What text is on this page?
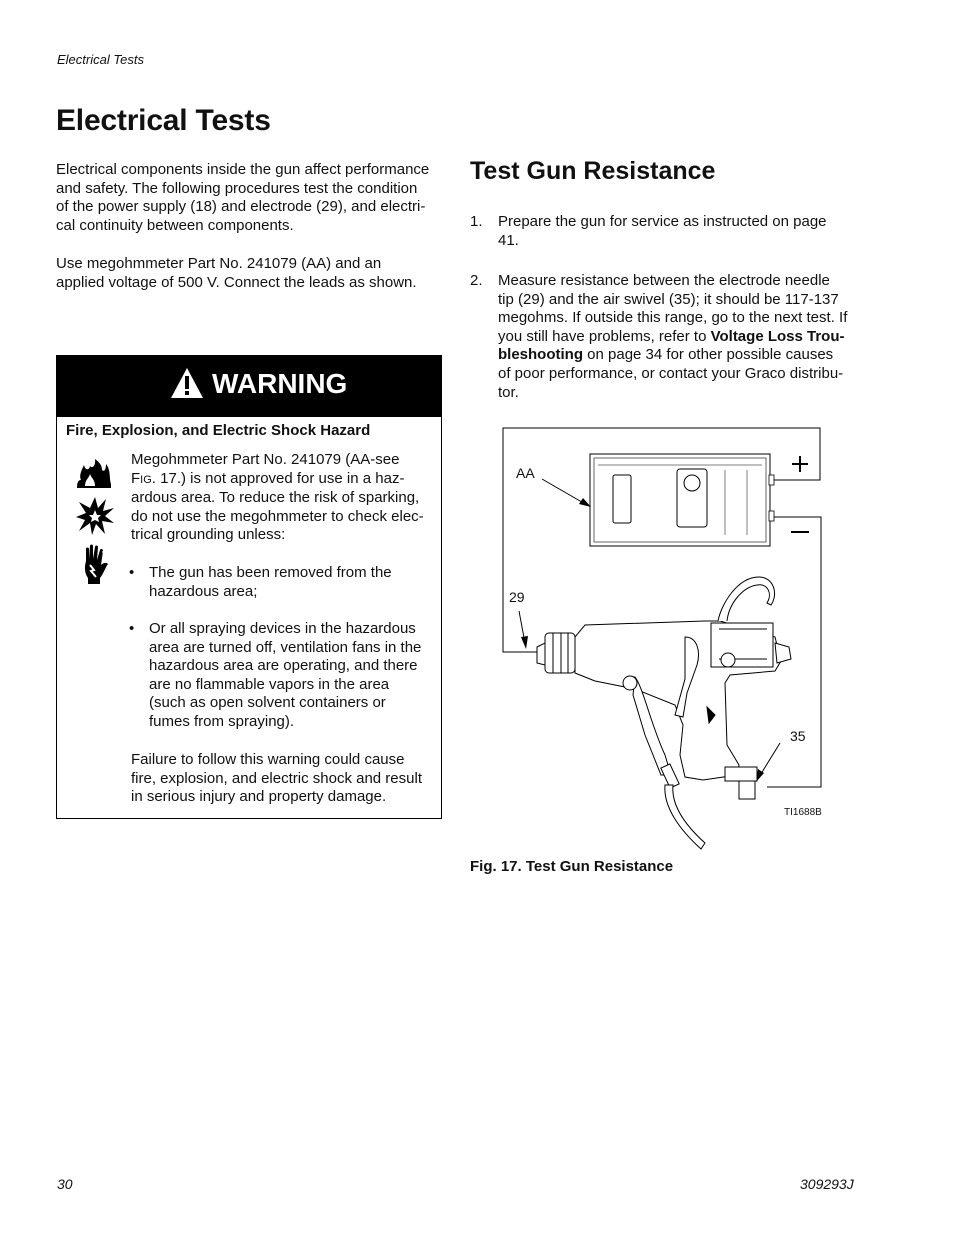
Electrical Tests
Electrical Tests
Electrical components inside the gun affect performance
and safety. The following procedures test the condition
of the power supply (18) and electrode (29), and electri-
cal continuity between components.
Use megohmmeter Part No. 241079 (AA) and an
applied voltage of 500 V. Connect the leads as shown.
WARNING
Fire, Explosion, and Electric Shock Hazard
Megohmmeter Part No. 241079 (AA-see
FIG. 17.) is not approved for use in a haz-
ardous area. To reduce the risk of sparking,
do not use the megohmmeter to check elec-
trical grounding unless:
• The gun has been removed from the
hazardous area;
• Or all spraying devices in the hazardous
area are turned off, ventilation fans in the
hazardous area are operating, and there
are no flammable vapors in the area
(such as open solvent containers or
fumes from spraying).
Failure to follow this warning could cause
fire, explosion, and electric shock and result
in serious injury and property damage.
Test Gun Resistance
1. Prepare the gun for service as instructed on page
41.
2. Measure resistance between the electrode needle
tip (29) and the air swivel (35); it should be 117-137
megohms. If outside this range, go to the next test. If
you still have problems, refer to Voltage Loss Trou-
bleshooting on page 34 for other possible causes
of poor performance, or contact your Graco distribu-
tor.
AA
29
35
TI1688B
Fig. 17. Test Gun Resistance
30	309293J
